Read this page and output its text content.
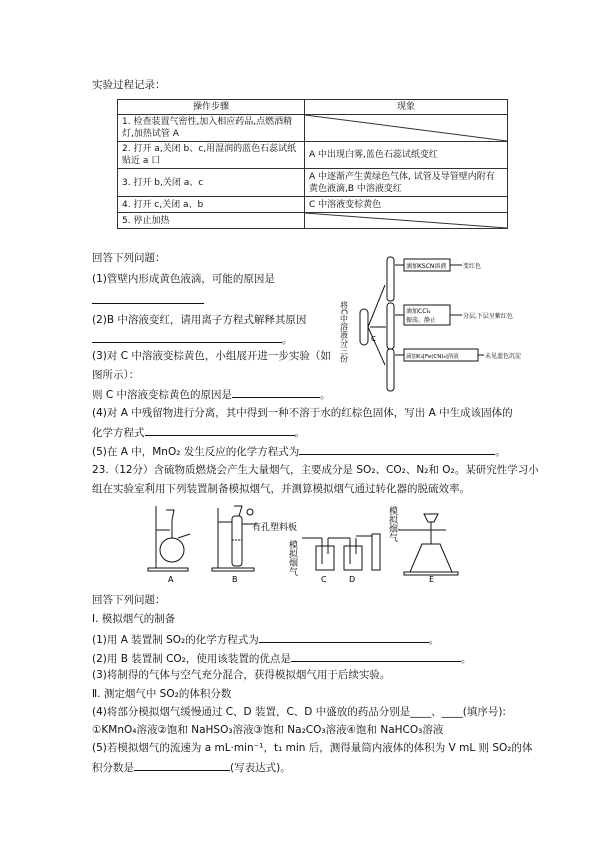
实验过程记录：
操作步骤	现象
1. 检查装置气密性,加入相应药品,点燃酒精灯,加热试管 A	

2. 打开 a,关闭 b、c,用湿润的蓝色石蕊试纸贴近 a 口	A 中出现白雾,蓝色石蕊试纸变红
3. 打开 b,关闭 a、c	A 中逐渐产生黄绿色气体, 试管及导管壁内附有黄色液滴,B 中溶液变红
4. 打开 c,关闭 a、b	C 中溶液变棕黄色
5. 停止加热	
回答下列问题：
(1)管壁内形成黄色液滴，可能的原因是
(2)B 中溶液变红，请用离子方程式解释其原因
。
(3)对 C 中溶液变棕黄色，小组展开进一步实验（如
图所示）：
则 C 中溶液变棕黄色的原因是	。
(4)对 A 中残留物进行分离，其中得到一种不溶于水的红棕色固体，写出 A 中生成该固体的
化学方程式	。
(5)在 A 中，MnO₂ 发生反应的化学方程式为	。
将C中溶液分三份	C
滴加KSCN溶液	变红色
滴加CCl₄
振荡、静止
分层,下层呈紫红色
滴加K₃[Fe(CN)₆]溶液	未见蓝色沉淀
23.（12分）含硫物质燃烧会产生大量烟气，主要成分是 SO₂、CO₂、N₂和 O₂。某研究性学习小
组在实验室利用下列装置制备模拟烟气，并测算模拟烟气通过转化器的脱硫效率。
A	B	C	D	E
有孔塑料板
模拟烟气
模拟烟气
回答下列问题：
Ⅰ. 模拟烟气的制备
(1)用 A 装置制 SO₂的化学方程式为	。
(2)用 B 装置制 CO₂，使用该装置的优点是	。
(3)将制得的气体与空气充分混合，获得模拟烟气用于后续实验。
Ⅱ. 测定烟气中 SO₂的体积分数
(4)将部分模拟烟气缓慢通过 C、D 装置，C、D 中盛放的药品分别是____、____(填序号):
①KMnO₄溶液②饱和 NaHSO₃溶液③饱和 Na₂CO₃溶液④饱和 NaHCO₃溶液
(5)若模拟烟气的流速为 a mL·min⁻¹，t₁ min 后，测得量筒内液体的体积为 V mL 则 SO₂的体
积分数是	(写表达式)。
